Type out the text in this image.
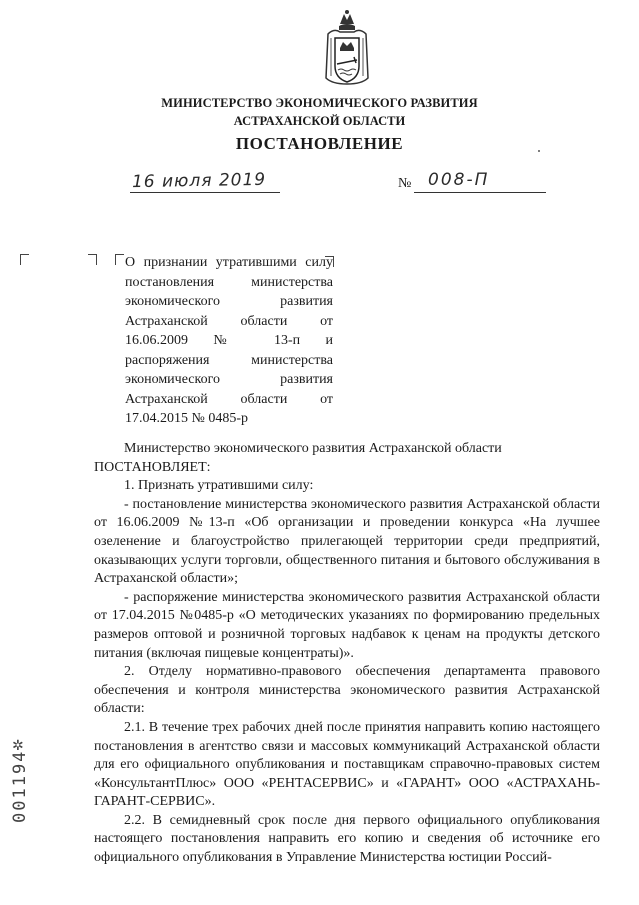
МИНИСТЕРСТВО ЭКОНОМИЧЕСКОГО РАЗВИТИЯ
АСТРАХАНСКОЙ ОБЛАСТИ
ПОСТАНОВЛЕНИЕ
16 июля 2019	№ 008-П
О признании утратившими силу постановления министерства экономического развития Астраханской области от 16.06.2009 № 13-п и распоряжения министерства экономического развития Астраханской области от 17.04.2015 № 0485-р

Министерство экономического развития Астраханской области

ПОСТАНОВЛЯЕТ:

1. Признать утратившими силу:

- постановление министерства экономического развития Астраханской области от 16.06.2009 №13-п «Об организации и проведении конкурса «На лучшее озеленение и благоустройство прилегающей территории среди предприятий, оказывающих услуги торговли, общественного питания и бытового обслуживания в Астраханской области»;

- распоряжение министерства экономического развития Астраханской области от 17.04.2015 №0485-р «О методических указаниях по формированию предельных размеров оптовой и розничной торговых надбавок к ценам на продукты детского питания (включая пищевые концентраты)».

2. Отделу нормативно-правового обеспечения департамента правового обеспечения и контроля министерства экономического развития Астраханской области:

2.1. В течение трех рабочих дней после принятия направить копию настоящего постановления в агентство связи и массовых коммуникаций Астраханской области для его официального опубликования и поставщикам справочно-правовых систем «КонсультантПлюс» ООО «РЕНТАСЕРВИС» и «ГАРАНТ» ООО «АСТРАХАНЬ-ГАРАНТ-СЕРВИС».

2.2. В семидневный срок после дня первого официального опубликования настоящего постановления направить его копию и сведения об источнике его официального опубликования в Управление Министерства юстиции Россий-

✲
001194
